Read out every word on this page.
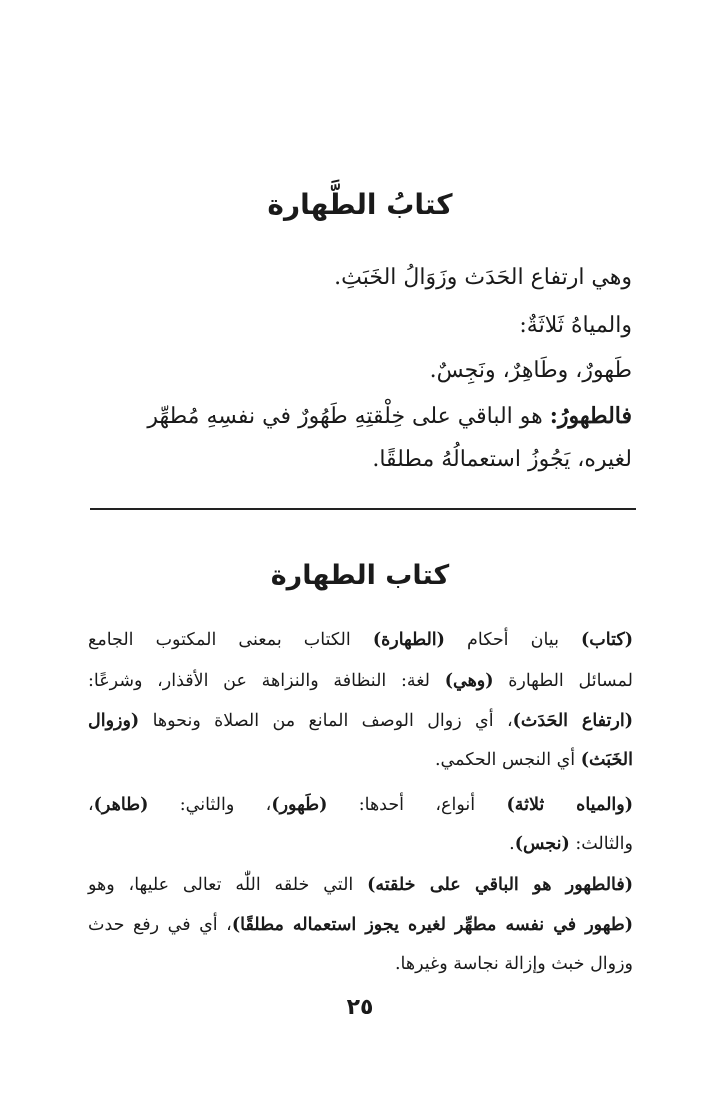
كتابُ الطَّهارة
وهي ارتفاع الحَدَث وزَوَالُ الخَبَثِ.
والمياهُ ثَلاثَةٌ:
طَهورٌ، وطَاهِرٌ، ونَجِسٌ.
فالطهورُ: هو الباقي على خِلْقتِهِ طَهُورٌ في نفسِهِ مُطهِّر
لغيره، يَجُوزُ استعمالُهُ مطلقًا.
كتاب الطهارة
(كتاب) بيان أحكام (الطهارة) الكتاب بمعنى المكتوب الجامع
لمسائل الطهارة (وهي) لغة: النظافة والنزاهة عن الأقذار، وشرعًا:
(ارتفاع الحَدَث)، أي زوال الوصف المانع من الصلاة ونحوها (وزوال
الخَبَث) أي النجس الحكمي.
(والمياه ثلاثة) أنواع، أحدها: (طَهور)، والثاني: (طاهر)،
والثالث: (نجس).
(فالطهور هو الباقي على خلقته) التي خلقه اللّٰه تعالى عليها، وهو
(طهور في نفسه مطهِّر لغيره يجوز استعماله مطلقًا)، أي في رفع حدث
وزوال خبث وإزالة نجاسة وغيرها.
٢٥
